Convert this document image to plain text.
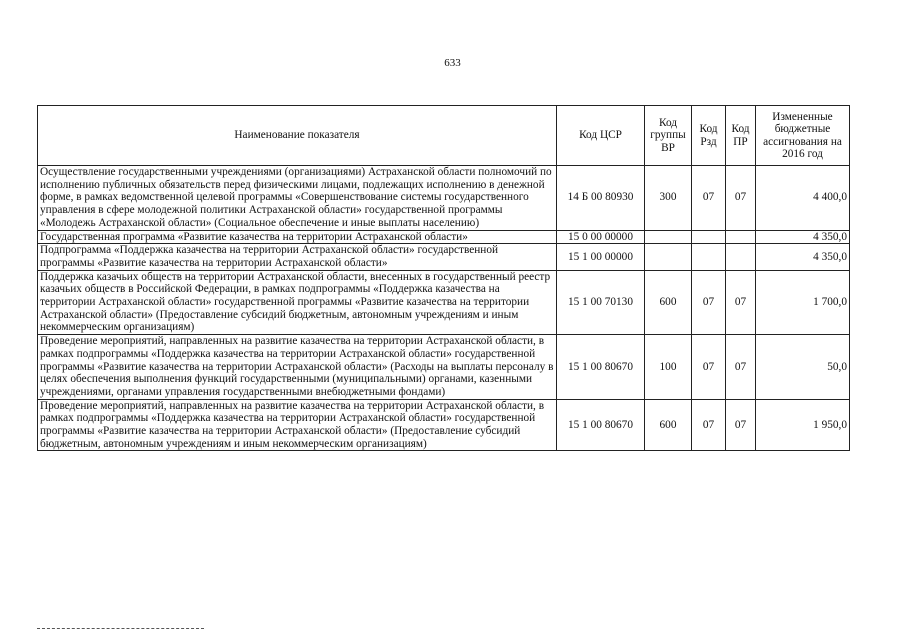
633
Наименование показателя	Код ЦСР	Код группы ВР	Код Рзд	Код ПР	Измененные бюджетные ассигнования на 2016 год
Осуществление государственными учреждениями (организациями) Астраханской области полномочий по исполнению публичных обязательств перед физическими лицами, подлежащих исполнению в денежной форме, в рамках ведомственной целевой программы «Совершенствование системы государственного управления в сфере молодежной политики Астраханской области» государственной программы «Молодежь Астраханской области» (Социальное обеспечение и иные выплаты населению)	14 Б 00 80930	300	07	07	4 400,0
Государственная программа «Развитие казачества на территории Астраханской области»	15 0 00 00000				4 350,0
Подпрограмма «Поддержка казачества на территории Астраханской области» государственной программы «Развитие казачества на территории Астраханской области»	15 1 00 00000				4 350,0
Поддержка казачьих обществ на территории Астраханской области, внесенных в государственный реестр казачьих обществ в Российской Федерации, в рамках подпрограммы «Поддержка казачества на территории Астраханской области» государственной программы «Развитие казачества на территории Астраханской области» (Предоставление субсидий бюджетным, автономным учреждениям и иным некоммерческим организациям)	15 1 00 70130	600	07	07	1 700,0
Проведение мероприятий, направленных на развитие казачества на территории Астраханской области, в рамках подпрограммы «Поддержка казачества на территории Астраханской области» государственной программы «Развитие казачества на территории Астраханской области» (Расходы на выплаты персоналу в целях обеспечения выполнения функций государственными (муниципальными) органами, казенными учреждениями, органами управления государственными внебюджетными фондами)	15 1 00 80670	100	07	07	50,0
Проведение мероприятий, направленных на развитие казачества на территории Астраханской области, в рамках подпрограммы «Поддержка казачества на территории Астраханской области» государственной программы «Развитие казачества на территории Астраханской области» (Предоставление субсидий бюджетным, автономным учреждениям и иным некоммерческим организациям)	15 1 00 80670	600	07	07	1 950,0
